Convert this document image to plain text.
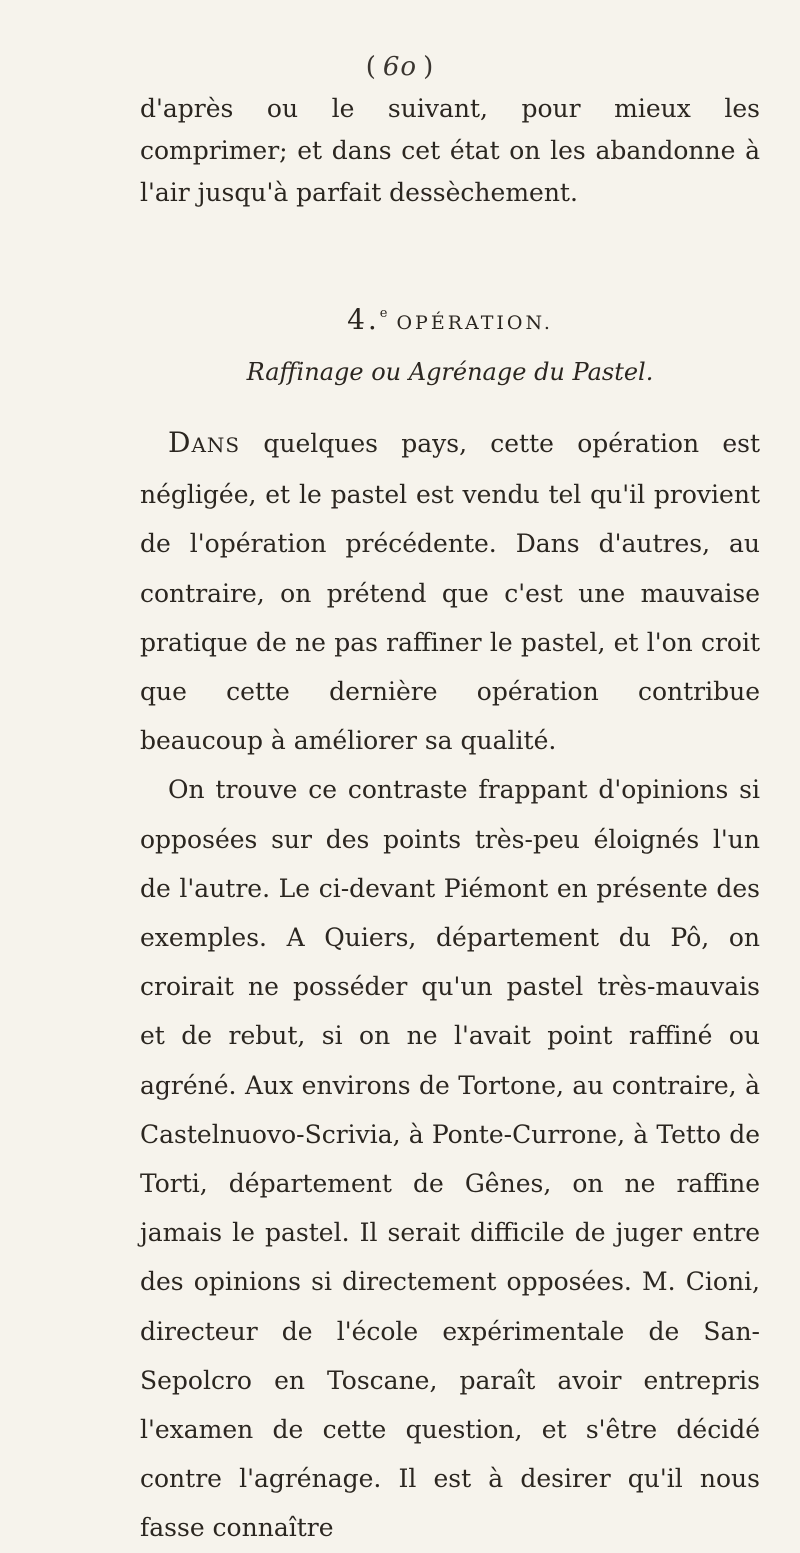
( 6o )
d'après ou le suivant, pour mieux les comprimer; et dans cet état on les abandonne à l'air jusqu'à parfait dessèchement.
4.$^e$ OPÉRATION.
Raffinage ou Agrénage du Pastel.

DANS quelques pays, cette opération est négligée, et le pastel est vendu tel qu'il provient de l'opération précédente. Dans d'autres, au contraire, on prétend que c'est une mauvaise pratique de ne pas raffiner le pastel, et l'on croit que cette dernière opération contribue beaucoup à améliorer sa qualité.

On trouve ce contraste frappant d'opinions si opposées sur des points très-peu éloignés l'un de l'autre. Le ci-devant Piémont en présente des exemples. A Quiers, département du Pô, on croirait ne posséder qu'un pastel très-mauvais et de rebut, si on ne l'avait point raffiné ou agréné. Aux environs de Tortone, au contraire, à Castelnuovo-Scrivia, à Ponte-Currone, à Tetto de Torti, département de Gênes, on ne raffine jamais le pastel. Il serait difficile de juger entre des opinions si directement opposées. M. Cioni, directeur de l'école expérimentale de San-Sepolcro en Toscane, paraît avoir entrepris l'examen de cette question, et s'être décidé contre l'agrénage. Il est à desirer qu'il nous fasse connaître
